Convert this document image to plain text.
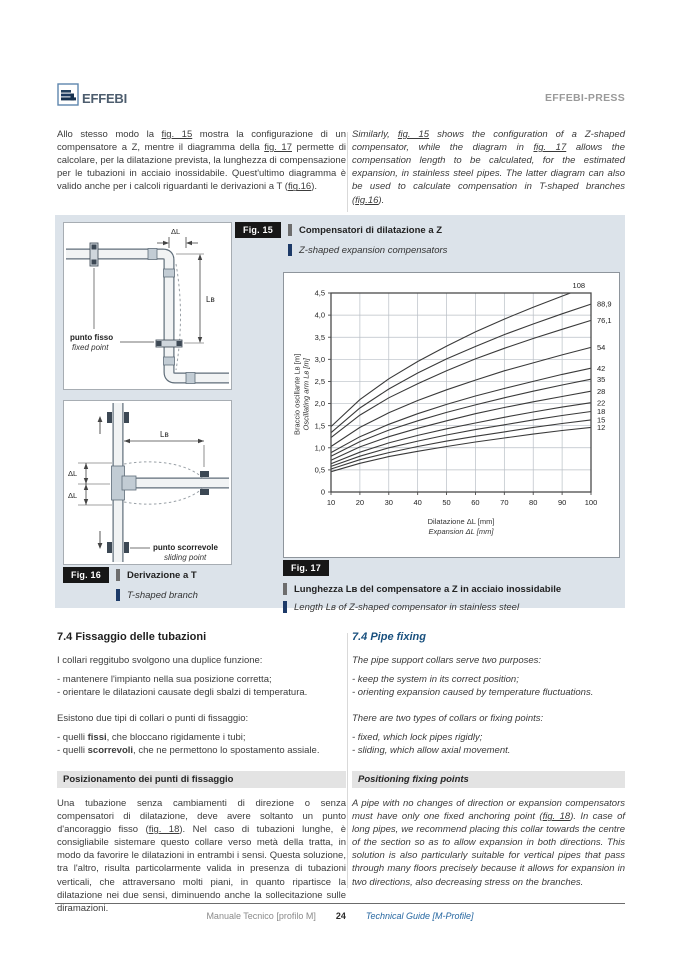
EFFEBI	EFFEBI-PRESS

Allo stesso modo la fig. 15 mostra la configurazione di un compensatore a Z, mentre il diagramma della fig. 17 permette di calcolare, per la dilatazione prevista, la lunghezza di compensazione per le tubazioni in acciaio inossidabile. Quest'ultimo diagramma è valido anche per i calcoli riguardanti le derivazioni a T (fig.16).

Similarly, fig. 15 shows the configuration of a Z-shaped compensator, while the diagram in fig. 17 allows the compensation length to be calculated, for the estimated expansion, in stainless steel pipes. The latter diagram can also be used to calculate compensation in T-shaped branches (fig.16).

ΔL
Lʙ
punto fisso
fixed point
ΔL
ΔL
Lʙ
punto scorrevole
sliding point
Fig. 15	Compensatori di dilatazione a Z
Z-shaped expansion compensators
12
15
18
22
28
35
42
54
76,1
88,9
108
10	20	30	40	50	60	70	80	90 100
0
0,5
1,0
1,5
2,0
2,5
3,0
3,5
4,0
4,5
Braccio oscillante Lʙ [m] Oscillating arm Lʙ [m]
Dilatazione ΔL [mm]
Expansion ΔL [mm]
Fig. 17
Lunghezza Lʙ del compensatore a Z in acciaio inossidabile
Length Lʙ of Z-shaped compensator in stainless steel
Fig. 16	Derivazione a T
T-shaped branch
7.4 Fissaggio delle tubazioni

I collari reggitubo svolgono una duplice funzione:

- mantenere l'impianto nella sua posizione corretta;

- orientare le dilatazioni causate degli sbalzi di temperatura.

Esistono due tipi di collari o punti di fissaggio:

- quelli fissi, che bloccano rigidamente i tubi;

- quelli scorrevoli, che ne permettono lo spostamento assiale.

Posizionamento dei punti di fissaggio

Una tubazione senza cambiamenti di direzione o senza compensatori di dilatazione, deve avere soltanto un punto d'ancoraggio fisso (fig. 18). Nel caso di tubazioni lunghe, è consigliabile sistemare questo collare verso metà della tratta, in modo da favorire le dilatazioni in entrambi i sensi. Questa soluzione, tra l'altro, risulta particolarmente valida in presenza di tubazioni verticali, che attraversano molti piani, in quanto ripartisce la dilatazione nei due sensi, diminuendo anche la sollecitazione sulle diramazioni.

7.4 Pipe fixing

The pipe support collars serve two purposes:

- keep the system in its correct position;

- orienting expansion caused by temperature fluctuations.

There are two types of collars or fixing points:

- fixed, which lock pipes rigidly;

- sliding, which allow axial movement.

Positioning fixing points

A pipe with no changes of direction or expansion compensators must have only one fixed anchoring point (fig. 18). In case of long pipes, we recommend placing this collar towards the centre of the section so as to allow expansion in both directions. This solution is also particularly suitable for vertical pipes that pass through many floors precisely because it allows for expansion in two directions, also decreasing stress on the branches.

Manuale Tecnico [profilo M] 24 Technical Guide [M-Profile]
